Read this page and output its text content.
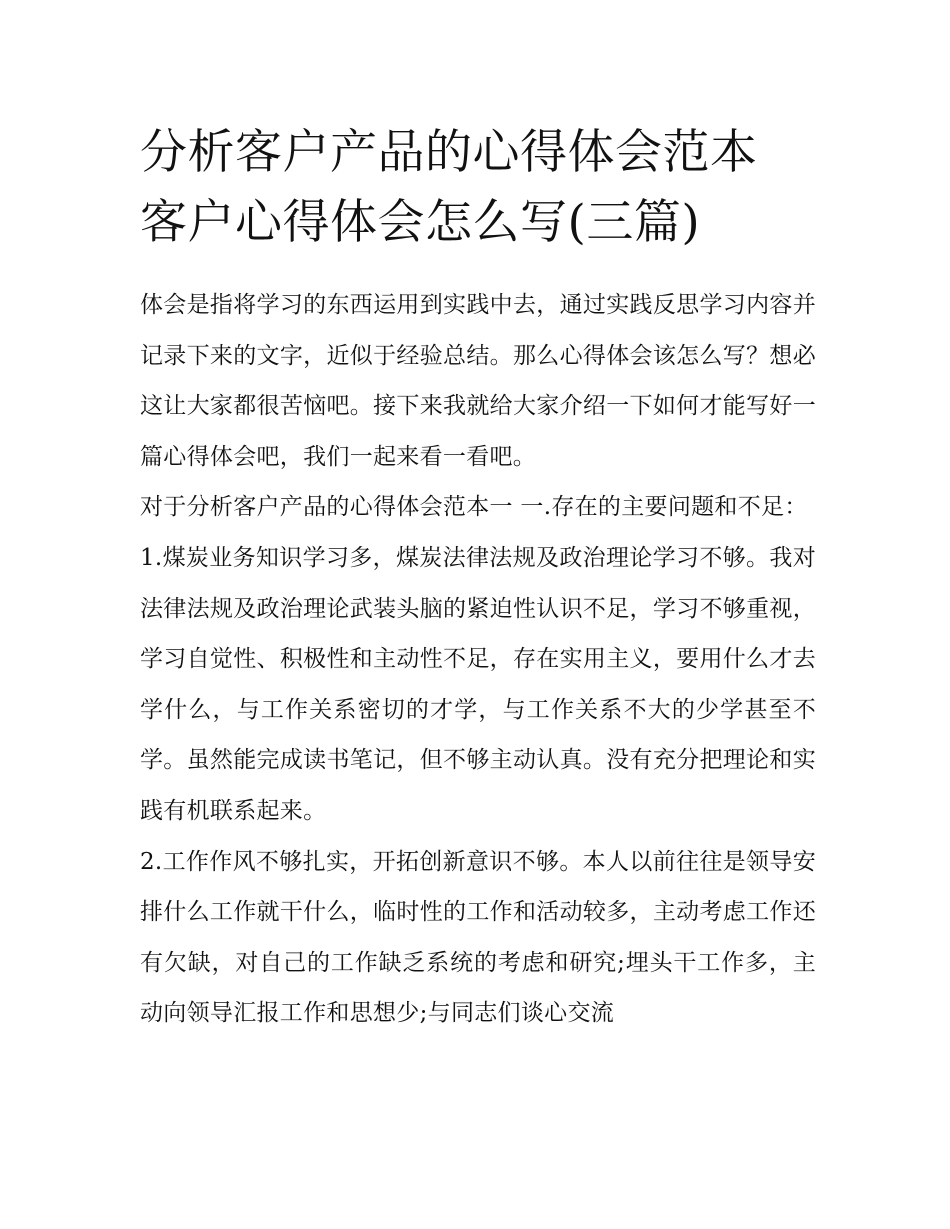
分析客户产品的心得体会范本 客户心得体会怎么写(三篇)

体会是指将学习的东西运用到实践中去，通过实践反思学习内容并记录下来的文字，近似于经验总结。那么心得体会该怎么写？想必这让大家都很苦恼吧。接下来我就给大家介绍一下如何才能写好一篇心得体会吧，我们一起来看一看吧。

对于分析客户产品的心得体会范本一 一.存在的主要问题和不足：

1.煤炭业务知识学习多，煤炭法律法规及政治理论学习不够。我对法律法规及政治理论武装头脑的紧迫性认识不足，学习不够重视，学习自觉性、积极性和主动性不足，存在实用主义，要用什么才去学什么，与工作关系密切的才学，与工作关系不大的少学甚至不学。虽然能完成读书笔记，但不够主动认真。没有充分把理论和实践有机联系起来。

2.工作作风不够扎实，开拓创新意识不够。本人以前往往是领导安排什么工作就干什么，临时性的工作和活动较多，主动考虑工作还有欠缺，对自己的工作缺乏系统的考虑和研究;埋头干工作多，主动向领导汇报工作和思想少;与同志们谈心交流
